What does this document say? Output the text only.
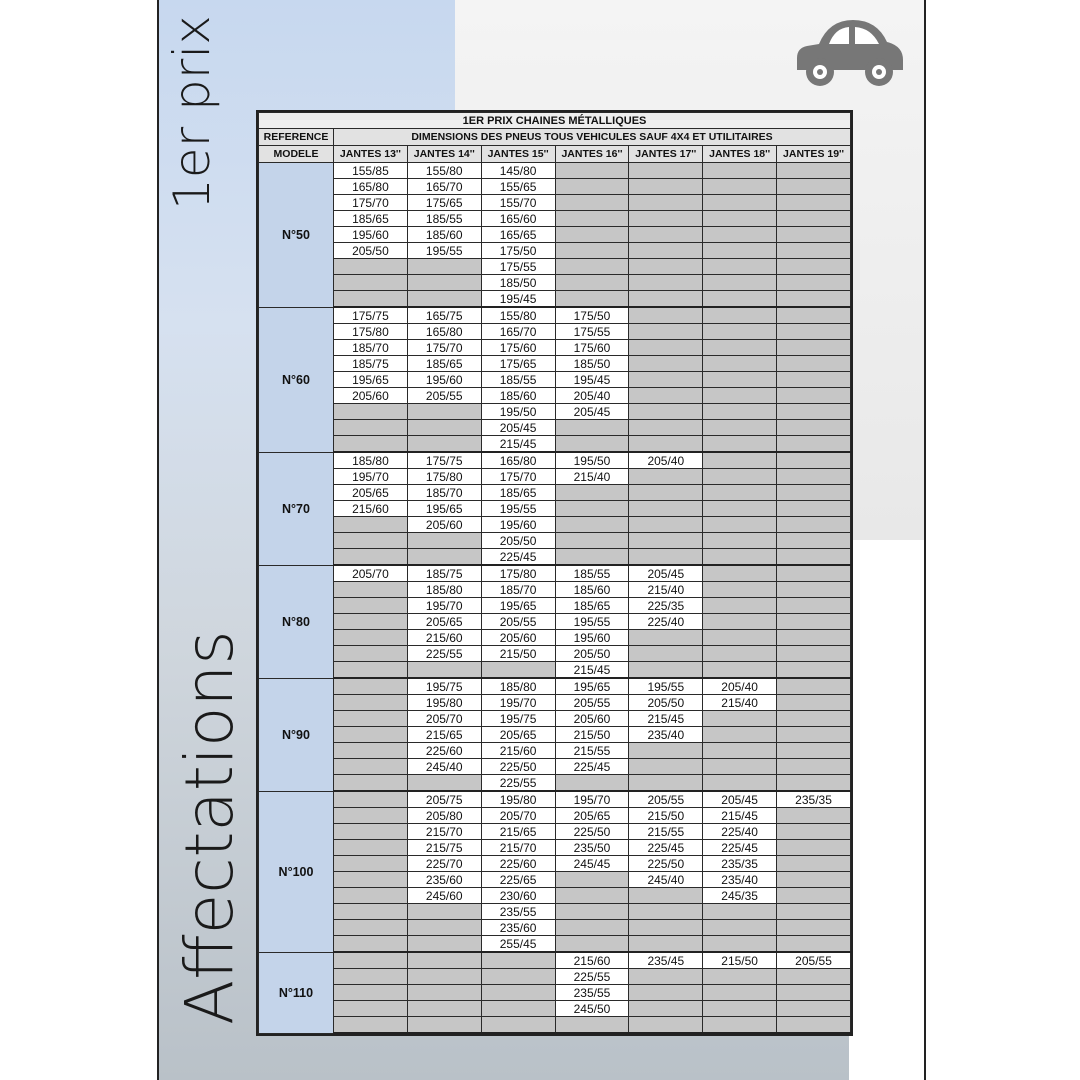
1er prix
Affectations
1ER PRIX CHAINES MÉTALLIQUES							
REFERENCE	DIMENSIONS DES PNEUS TOUS VEHICULES SAUF 4X4 ET UTILITAIRES						
MODELE	JANTES 13''	JANTES 14''	JANTES 15''	JANTES 16''	JANTES 17''	JANTES 18''	JANTES 19''
N°50	155/85	155/80	145/80				
	165/80	165/70	155/65				
	175/70	175/65	155/70				
	185/65	185/55	165/60				
	195/60	185/60	165/65				
	205/50	195/55	175/50				
			175/55				
			185/50				
			195/45				
N°60	175/75	165/75	155/80	175/50			
	175/80	165/80	165/70	175/55			
	185/70	175/70	175/60	175/60			
	185/75	185/65	175/65	185/50			
	195/65	195/60	185/55	195/45			
	205/60	205/55	185/60	205/40			
			195/50	205/45			
			205/45				
			215/45				
N°70	185/80	175/75	165/80	195/50	205/40		
	195/70	175/80	175/70	215/40			
	205/65	185/70	185/65				
	215/60	195/65	195/55				
		205/60	195/60				
			205/50				
			225/45				
N°80	205/70	185/75	175/80	185/55	205/45		
		185/80	185/70	185/60	215/40		
		195/70	195/65	185/65	225/35		
		205/65	205/55	195/55	225/40		
		215/60	205/60	195/60			
		225/55	215/50	205/50			
				215/45			
N°90		195/75	185/80	195/65	195/55	205/40	
		195/80	195/70	205/55	205/50	215/40	
		205/70	195/75	205/60	215/45		
		215/65	205/65	215/50	235/40		
		225/60	215/60	215/55			
		245/40	225/50	225/45			
			225/55				
N°100		205/75	195/80	195/70	205/55	205/45	235/35
		205/80	205/70	205/65	215/50	215/45	
		215/70	215/65	225/50	215/55	225/40	
		215/75	215/70	235/50	225/45	225/45	
		225/70	225/60	245/45	225/50	235/35	
		235/60	225/65		245/40	235/40	
		245/60	230/60			245/35	
			235/55				
			235/60				
			255/45				
N°110				215/60	235/45	215/50	205/55
				225/55			
				235/55			
				245/50			
